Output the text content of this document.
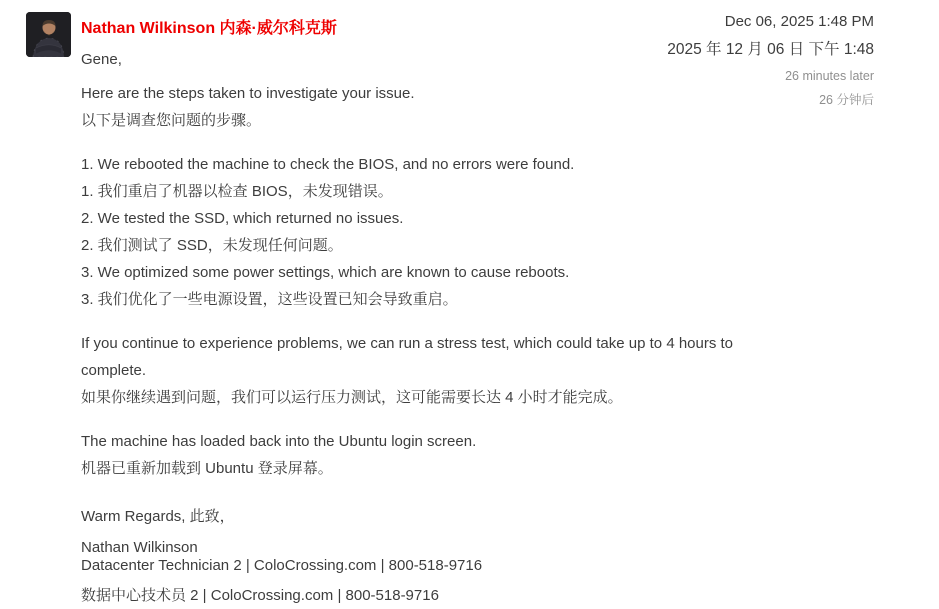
Nathan Wilkinson 内森·威尔科克斯	Dec 06, 2025 1:48 PM
2025 年 12 月 06 日 下午 1:48
26 minutes later
26 分钟后
Gene,
Here are the steps taken to investigate your issue.
以下是调查您问题的步骤。
1. We rebooted the machine to check the BIOS, and no errors were found.
1. 我们重启了机器以检查 BIOS，未发现错误。
2. We tested the SSD, which returned no issues.
2. 我们测试了 SSD，未发现任何问题。
3. We optimized some power settings, which are known to cause reboots.
3. 我们优化了一些电源设置，这些设置已知会导致重启。
If you continue to experience problems, we can run a stress test, which could take up to 4 hours to complete.
如果你继续遇到问题，我们可以运行压力测试，这可能需要长达 4 小时才能完成。
The machine has loaded back into the Ubuntu login screen.
机器已重新加载到 Ubuntu 登录屏幕。
Warm Regards, 此致，
Nathan Wilkinson
Datacenter Technician 2 | ColoCrossing.com | 800-518-9716
数据中心技术员 2 | ColoCrossing.com | 800-518-9716
